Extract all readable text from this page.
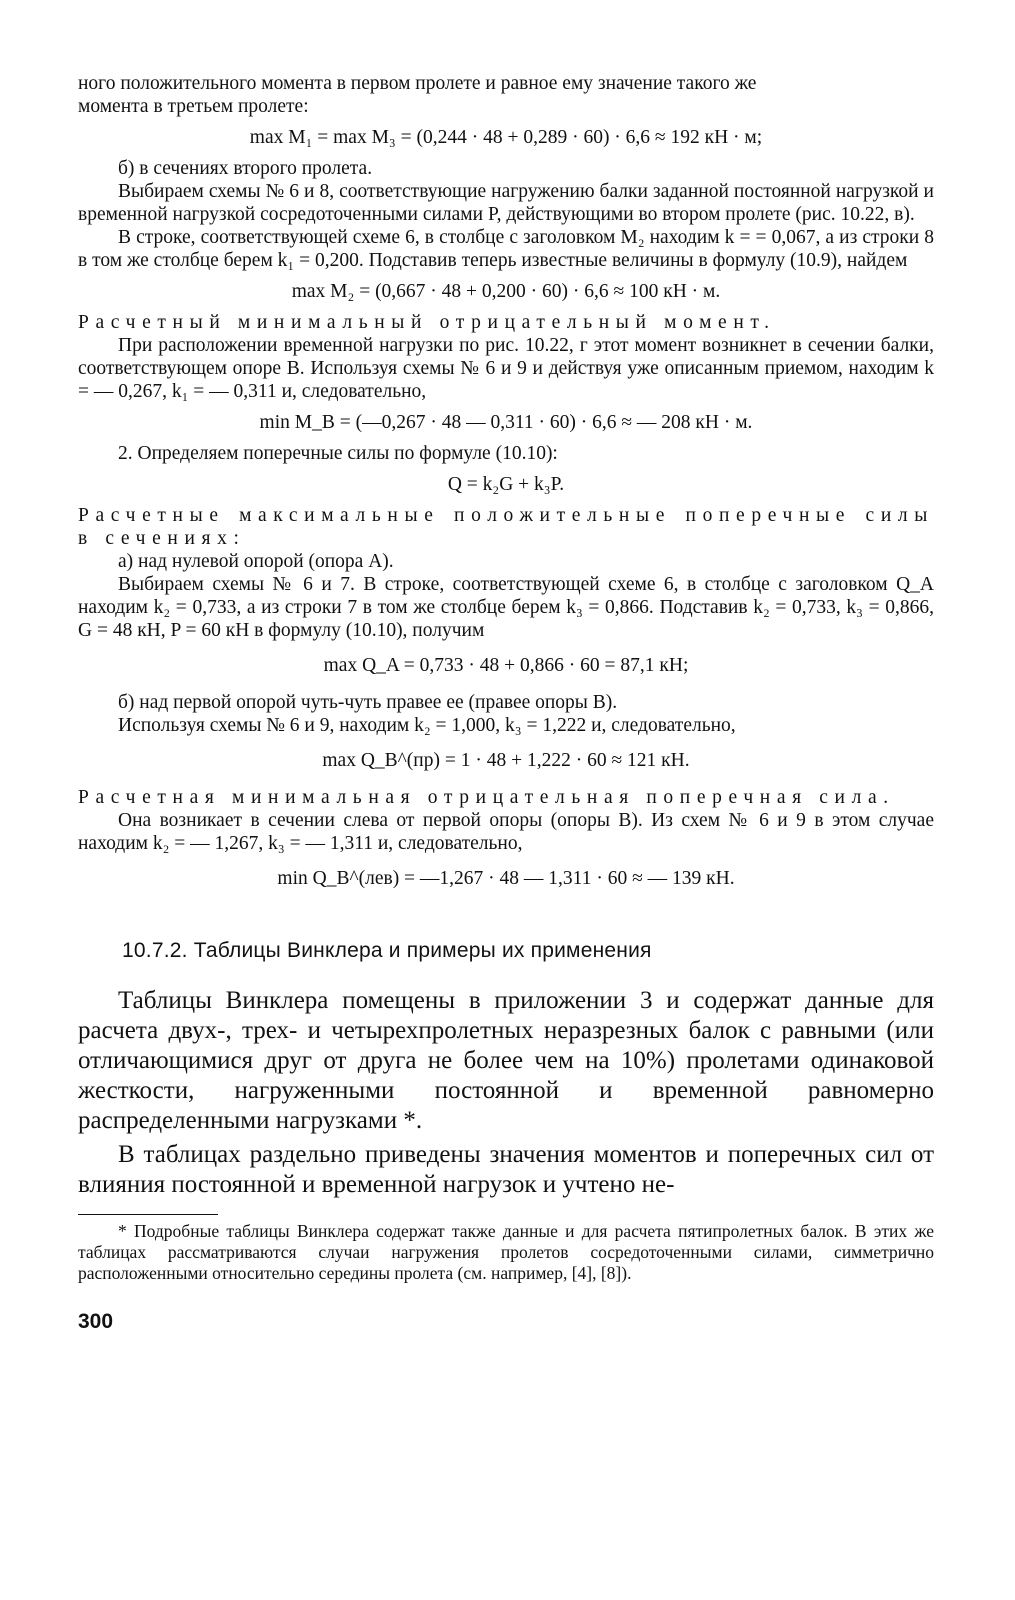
ного положительного момента в первом пролете и равное ему значение такого же

момента в третьем пролете:

max M₁ = max M₃ = (0,244 · 48 + 0,289 · 60) · 6,6 ≈ 192 кН · м;

б) в сечениях второго пролета.

Выбираем схемы № 6 и 8, соответствующие нагружению балки заданной постоянной нагрузкой и временной нагрузкой сосредоточенными силами P, действующими во втором пролете (рис. 10.22, в).

В строке, соответствующей схеме 6, в столбце с заголовком M₂ находим k = = 0,067, а из строки 8 в том же столбце берем k₁ = 0,200. Подставив теперь известные величины в формулу (10.9), найдем

max M₂ = (0,667 · 48 + 0,200 · 60) · 6,6 ≈ 100 кН · м.

Расчетный минимальный отрицательный момент.

При расположении временной нагрузки по рис. 10.22, г этот момент возникнет в сечении балки, соответствующем опоре B. Используя схемы № 6 и 9 и действуя уже описанным приемом, находим k = — 0,267, k₁ = — 0,311 и, следовательно,

min M_B = (—0,267 · 48 — 0,311 · 60) · 6,6 ≈ — 208 кН · м.

2. Определяем поперечные силы по формуле (10.10):

Q = k₂G + k₃P.

Расчетные максимальные положительные поперечные силы в сечениях:

а) над нулевой опорой (опора A).

Выбираем схемы № 6 и 7. В строке, соответствующей схеме 6, в столбце с заголовком Q_A находим k₂ = 0,733, а из строки 7 в том же столбце берем k₃ = 0,866. Подставив k₂ = 0,733, k₃ = 0,866, G = 48 кН, P = 60 кН в формулу (10.10), получим

max Q_A = 0,733 · 48 + 0,866 · 60 = 87,1 кН;

б) над первой опорой чуть-чуть правее ее (правее опоры B).

Используя схемы № 6 и 9, находим k₂ = 1,000, k₃ = 1,222 и, следовательно,

max Q_B^(пр) = 1 · 48 + 1,222 · 60 ≈ 121 кН.

Расчетная минимальная отрицательная поперечная сила.

Она возникает в сечении слева от первой опоры (опоры B). Из схем № 6 и 9 в этом случае находим k₂ = — 1,267, k₃ = — 1,311 и, следовательно,

min Q_B^(лев) = —1,267 · 48 — 1,311 · 60 ≈ — 139 кН.

10.7.2. Таблицы Винклера и примеры их применения

Таблицы Винклера помещены в приложении 3 и содержат данные для расчета двух-, трех- и четырехпролетных неразрезных балок с равными (или отличающимися друг от друга не более чем на 10%) пролетами одинаковой жесткости, нагруженными постоянной и временной равномерно распределенными нагрузками *.

В таблицах раздельно приведены значения моментов и поперечных сил от влияния постоянной и временной нагрузок и учтено не-

* Подробные таблицы Винклера содержат также данные и для расчета пятипролетных балок. В этих же таблицах рассматриваются случаи нагружения пролетов сосредоточенными силами, симметрично расположенными относительно середины пролета (см. например, [4], [8]).

300
